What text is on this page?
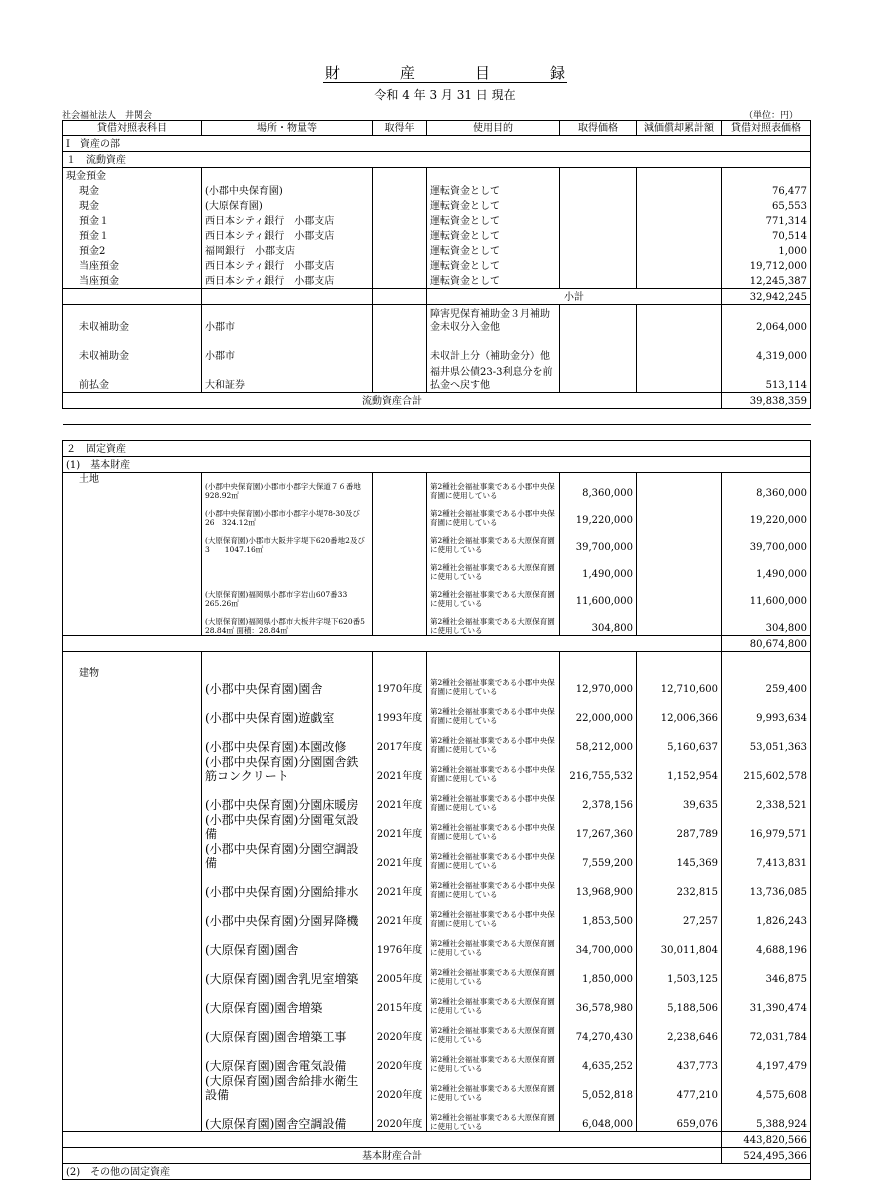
財　　　　産　　　　目　　　　録
令和 4 年 3 月 31 日 現在
社会福祉法人　井関会	（単位：円）
貸借対照表科目	場所・物量等	取得年	使用目的	取得価格	減価償却累計額	貸借対照表価格
Ⅰ　資産の部						
１　流動資産						
現金預金						
現金	(小郡中央保育園)		運転資金として			76,477
現金	(大原保育園)		運転資金として			65,553
預金１	西日本シティ銀行　小郡支店		運転資金として			771,314
預金１	西日本シティ銀行　小郡支店		運転資金として			70,514
預金2	福岡銀行　小郡支店		運転資金として			1,000
当座預金	西日本シティ銀行　小郡支店		運転資金として			19,712,000
当座預金	西日本シティ銀行　小郡支店		運転資金として			12,245,387
			小計			32,942,245
未収補助金	小郡市		障害児保育補助金３月補助金未収分入金他			2,064,000
未収補助金	小郡市		未収計上分（補助金分）他			4,319,000
前払金	大和証券		福井県公債23-3利息分を前払金へ戻す他			513,114
流動資産合計						39,838,359

２　固定資産						
(1)　基本財産						
土地	(小郡中央保育園)小郡市小郡字大保道７６番地928.92㎡		第2種社会福祉事業である小郡中央保育園に使用している	8,360,000		8,360,000
	(小郡中央保育園)小郡市小郡字小堤78-30及び26　324.12㎡		第2種社会福祉事業である小郡中央保育園に使用している	19,220,000		19,220,000
	(大原保育園)小郡市大阪井字堤下620番地2及び3　　1047.16㎡		第2種社会福祉事業である大原保育園に使用している	39,700,000		39,700,000
			第2種社会福祉事業である大原保育園に使用している	1,490,000		1,490,000
	(大原保育園)福岡県小郡市字岩山607番33　265.26㎡		第2種社会福祉事業である大原保育園に使用している	11,600,000		11,600,000
	(大原保育園)福岡県小郡市大板井字堤下620番5 28.84㎡ 面積：28.84㎡		第2種社会福祉事業である大原保育園に使用している	304,800		304,800
						80,674,800

建物	(小郡中央保育園)園舎	1970年度	第2種社会福祉事業である小郡中央保育園に使用している	12,970,000	12,710,600	259,400
	(小郡中央保育園)遊戯室	1993年度	第2種社会福祉事業である小郡中央保育園に使用している	22,000,000	12,006,366	9,993,634
	(小郡中央保育園)本園改修	2017年度	第2種社会福祉事業である小郡中央保育園に使用している	58,212,000	5,160,637	53,051,363
	(小郡中央保育園)分園園舎鉄筋コンクリート	2021年度	第2種社会福祉事業である小郡中央保育園に使用している	216,755,532	1,152,954	215,602,578
	(小郡中央保育園)分園床暖房	2021年度	第2種社会福祉事業である小郡中央保育園に使用している	2,378,156	39,635	2,338,521
	(小郡中央保育園)分園電気設備	2021年度	第2種社会福祉事業である小郡中央保育園に使用している	17,267,360	287,789	16,979,571
	(小郡中央保育園)分園空調設備	2021年度	第2種社会福祉事業である小郡中央保育園に使用している	7,559,200	145,369	7,413,831
	(小郡中央保育園)分園給排水	2021年度	第2種社会福祉事業である小郡中央保育園に使用している	13,968,900	232,815	13,736,085
	(小郡中央保育園)分園昇降機	2021年度	第2種社会福祉事業である小郡中央保育園に使用している	1,853,500	27,257	1,826,243
	(大原保育園)園舎	1976年度	第2種社会福祉事業である大原保育園に使用している	34,700,000	30,011,804	4,688,196
	(大原保育園)園舎乳児室増築	2005年度	第2種社会福祉事業である大原保育園に使用している	1,850,000	1,503,125	346,875
	(大原保育園)園舎増築	2015年度	第2種社会福祉事業である大原保育園に使用している	36,578,980	5,188,506	31,390,474
	(大原保育園)園舎増築工事	2020年度	第2種社会福祉事業である大原保育園に使用している	74,270,430	2,238,646	72,031,784
	(大原保育園)園舎電気設備	2020年度	第2種社会福祉事業である大原保育園に使用している	4,635,252	437,773	4,197,479
	(大原保育園)園舎給排水衛生設備	2020年度	第2種社会福祉事業である大原保育園に使用している	5,052,818	477,210	4,575,608
	(大原保育園)園舎空調設備	2020年度	第2種社会福祉事業である大原保育園に使用している	6,048,000	659,076	5,388,924
						443,820,566
基本財産合計						524,495,366
(2)　その他の固定資産						
